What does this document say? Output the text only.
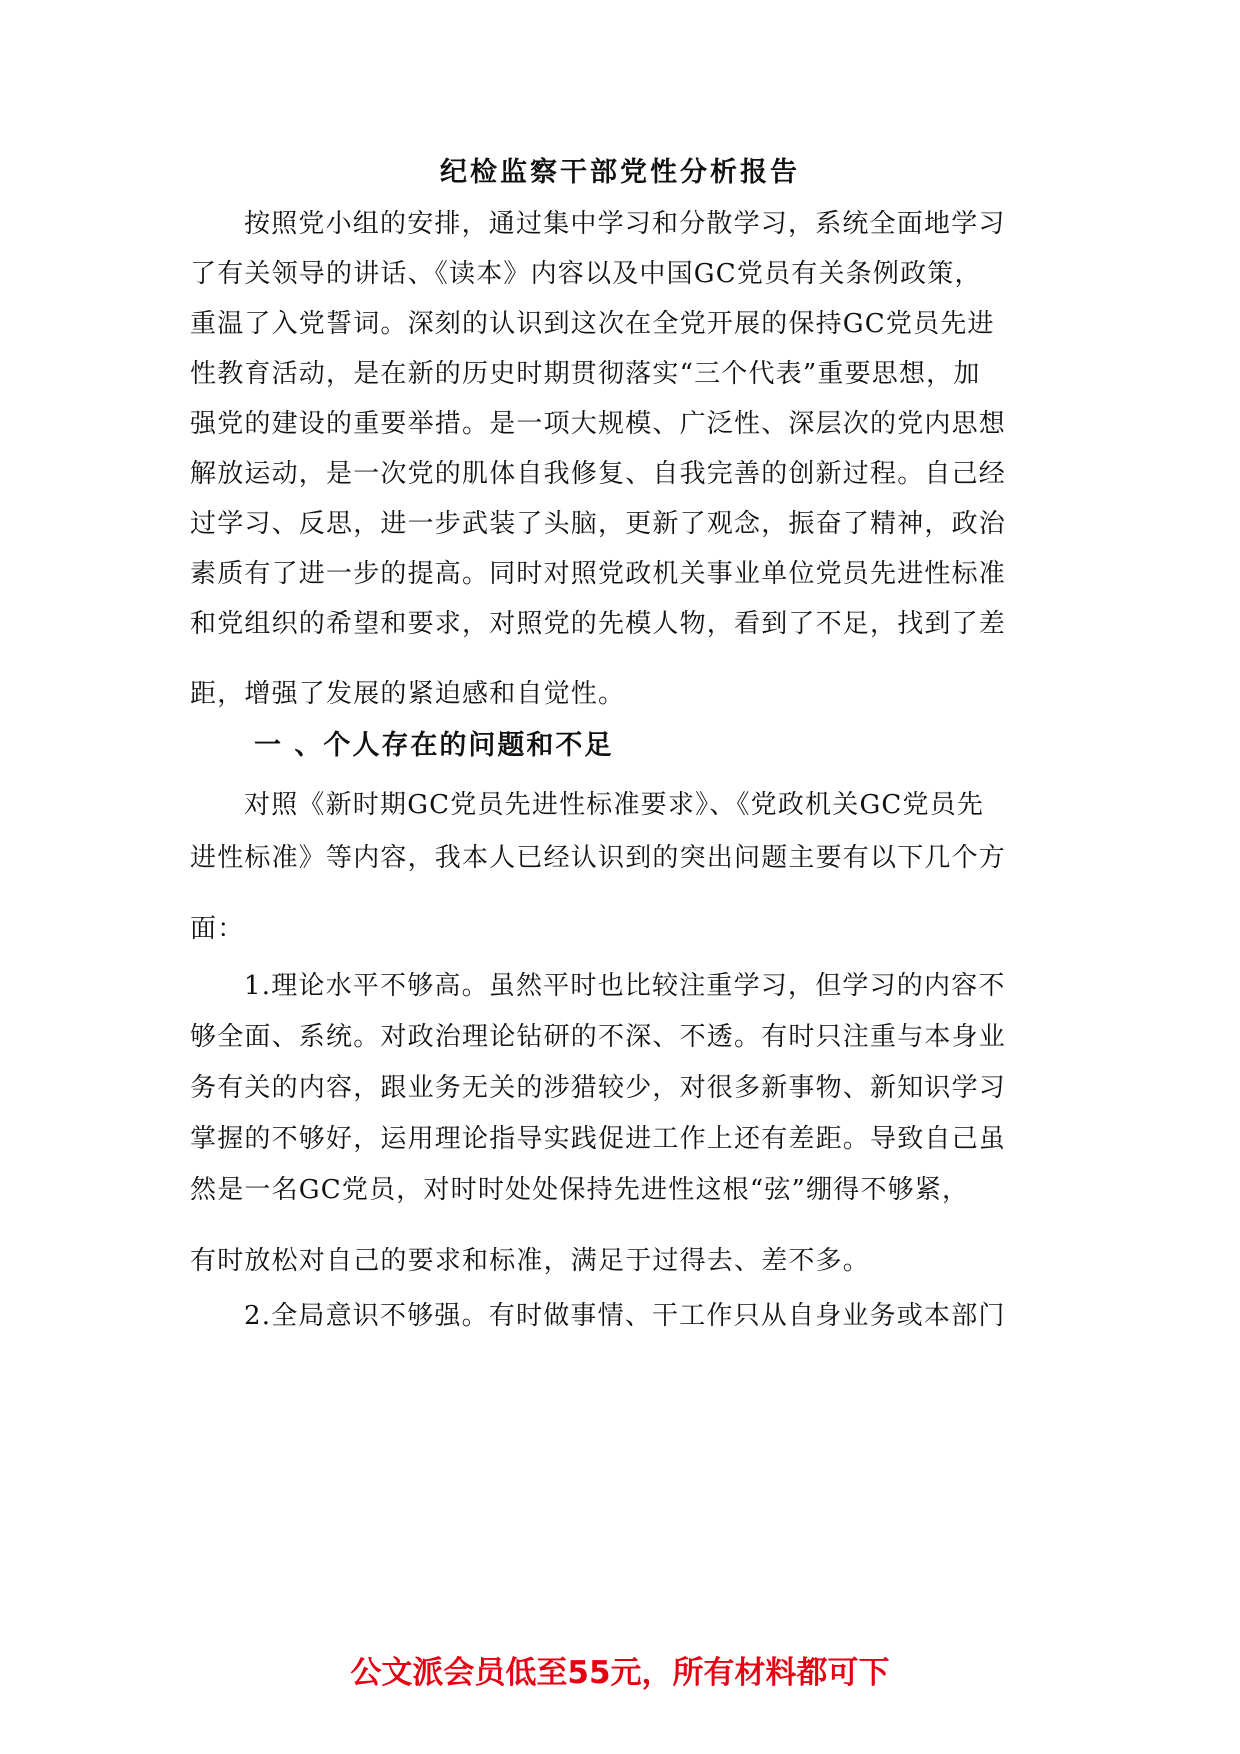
纪检监察干部党性分析报告
按照党小组的安排，通过集中学习和分散学习，系统全面地学习
了有关领导的讲话、《读本》内容以及中国GC党员有关条例政策，
重温了入党誓词。深刻的认识到这次在全党开展的保持GC党员先进
性教育活动，是在新的历史时期贯彻落实“三个代表”重要思想，加
强党的建设的重要举措。是一项大规模、广泛性、深层次的党内思想
解放运动，是一次党的肌体自我修复、自我完善的创新过程。自己经
过学习、反思，进一步武装了头脑，更新了观念，振奋了精神，政治
素质有了进一步的提高。同时对照党政机关事业单位党员先进性标准
和党组织的希望和要求，对照党的先模人物，看到了不足，找到了差
距，增强了发展的紧迫感和自觉性。
一 、个人存在的问题和不足
对照《新时期GC党员先进性标准要求》、《党政机关GC党员先
进性标准》等内容，我本人已经认识到的突出问题主要有以下几个方
面：
1.理论水平不够高。虽然平时也比较注重学习，但学习的内容不
够全面、系统。对政治理论钻研的不深、不透。有时只注重与本身业
务有关的内容，跟业务无关的涉猎较少，对很多新事物、新知识学习
掌握的不够好，运用理论指导实践促进工作上还有差距。导致自己虽
然是一名GC党员，对时时处处保持先进性这根“弦”绷得不够紧，
有时放松对自己的要求和标准，满足于过得去、差不多。
2.全局意识不够强。有时做事情、干工作只从自身业务或本部门
公文派会员低至55元，所有材料都可下
